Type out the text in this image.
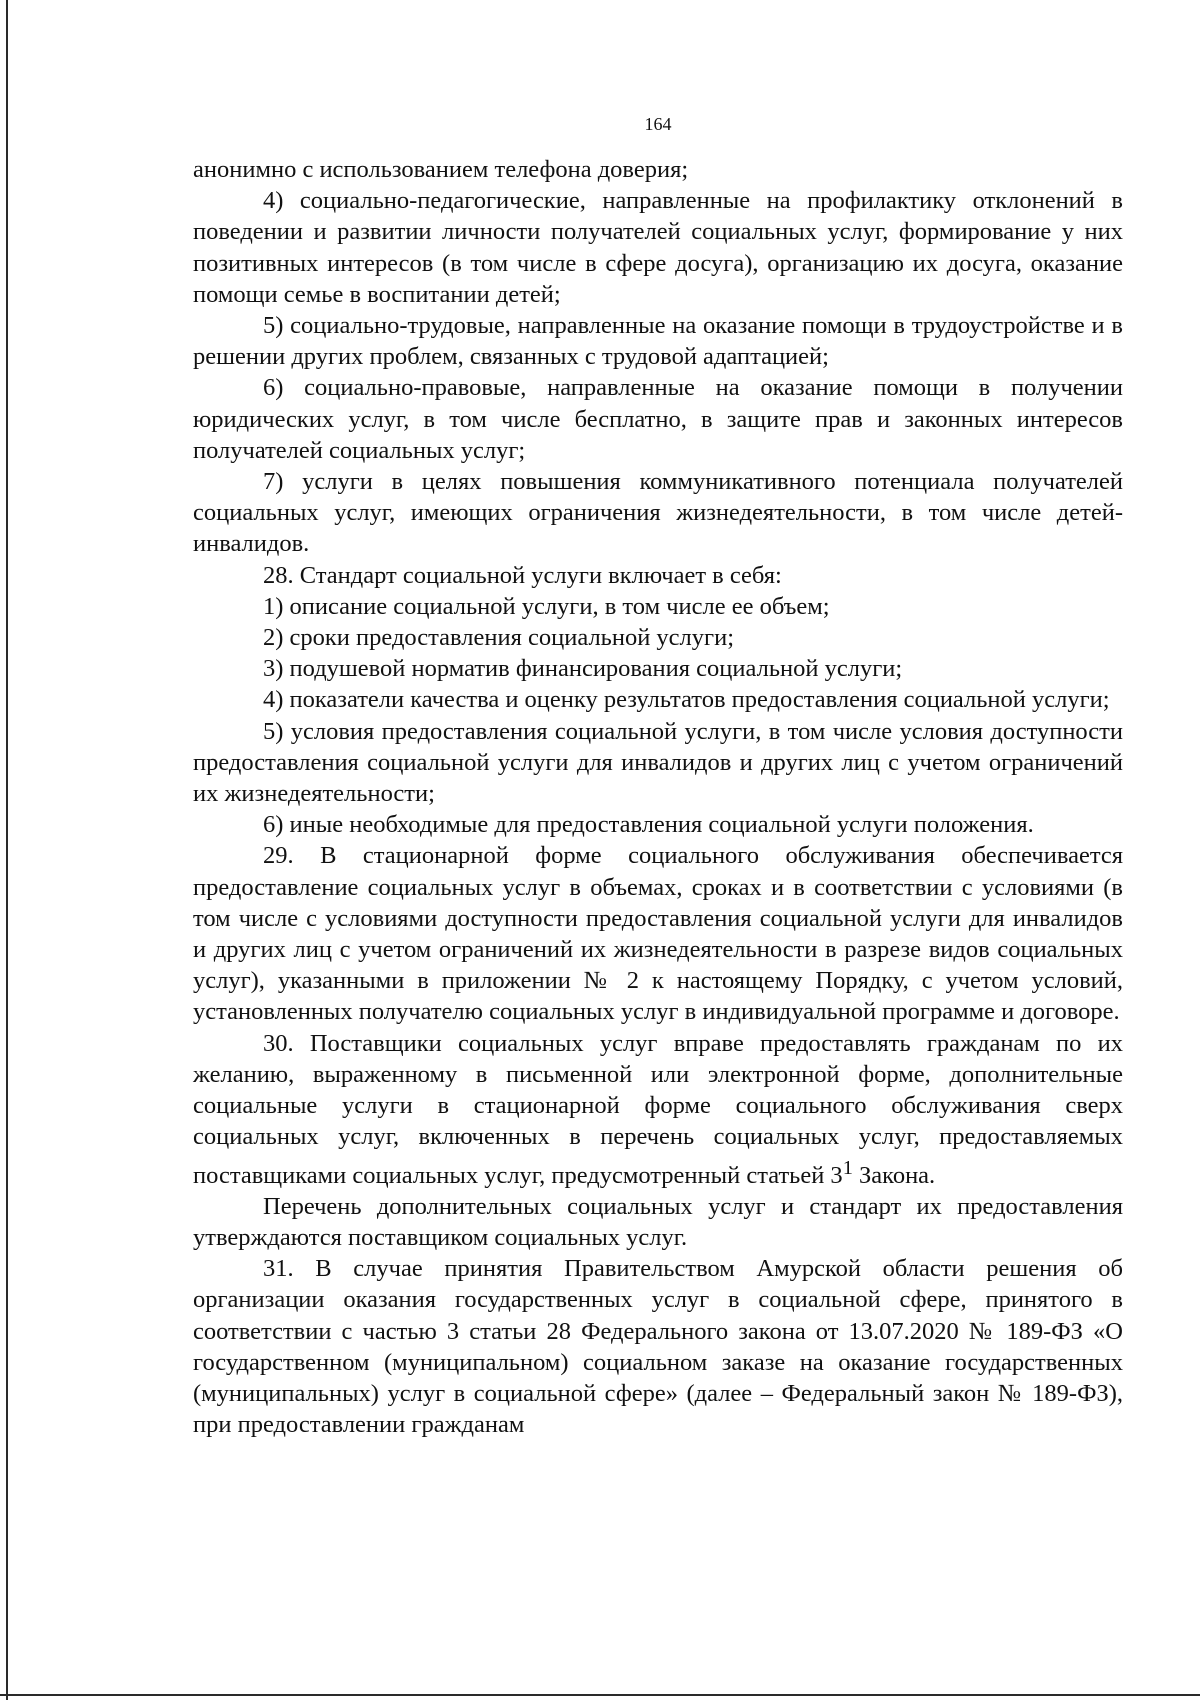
164

анонимно с использованием телефона доверия;

4) социально-педагогические, направленные на профилактику отклонений в поведении и развитии личности получателей социальных услуг, формирование у них позитивных интересов (в том числе в сфере досуга), организацию их досуга, оказание помощи семье в воспитании детей;

5) социально-трудовые, направленные на оказание помощи в трудоустройстве и в решении других проблем, связанных с трудовой адаптацией;

6) социально-правовые, направленные на оказание помощи в получении юридических услуг, в том числе бесплатно, в защите прав и законных интересов получателей социальных услуг;

7) услуги в целях повышения коммуникативного потенциала получателей социальных услуг, имеющих ограничения жизнедеятельности, в том числе детей-инвалидов.

28. Стандарт социальной услуги включает в себя:

1) описание социальной услуги, в том числе ее объем;

2) сроки предоставления социальной услуги;

3) подушевой норматив финансирования социальной услуги;

4) показатели качества и оценку результатов предоставления социальной услуги;

5) условия предоставления социальной услуги, в том числе условия доступности предоставления социальной услуги для инвалидов и других лиц с учетом ограничений их жизнедеятельности;

6) иные необходимые для предоставления социальной услуги положения.

29. В стационарной форме социального обслуживания обеспечивается предоставление социальных услуг в объемах, сроках и в соответствии с условиями (в том числе с условиями доступности предоставления социальной услуги для инвалидов и других лиц с учетом ограничений их жизнедеятельности в разрезе видов социальных услуг), указанными в приложении № 2 к настоящему Порядку, с учетом условий, установленных получателю социальных услуг в индивидуальной программе и договоре.

30. Поставщики социальных услуг вправе предоставлять гражданам по их желанию, выраженному в письменной или электронной форме, дополнительные социальные услуги в стационарной форме социального обслуживания сверх социальных услуг, включенных в перечень социальных услуг, предоставляемых поставщиками социальных услуг, предусмотренный статьей $3^1$ Закона.

Перечень дополнительных социальных услуг и стандарт их предоставления утверждаются поставщиком социальных услуг.

31. В случае принятия Правительством Амурской области решения об организации оказания государственных услуг в социальной сфере, принятого в соответствии с частью 3 статьи 28 Федерального закона от 13.07.2020 № 189-ФЗ «О государственном (муниципальном) социальном заказе на оказание государственных (муниципальных) услуг в социальной сфере» (далее – Федеральный закон № 189-ФЗ), при предоставлении гражданам
